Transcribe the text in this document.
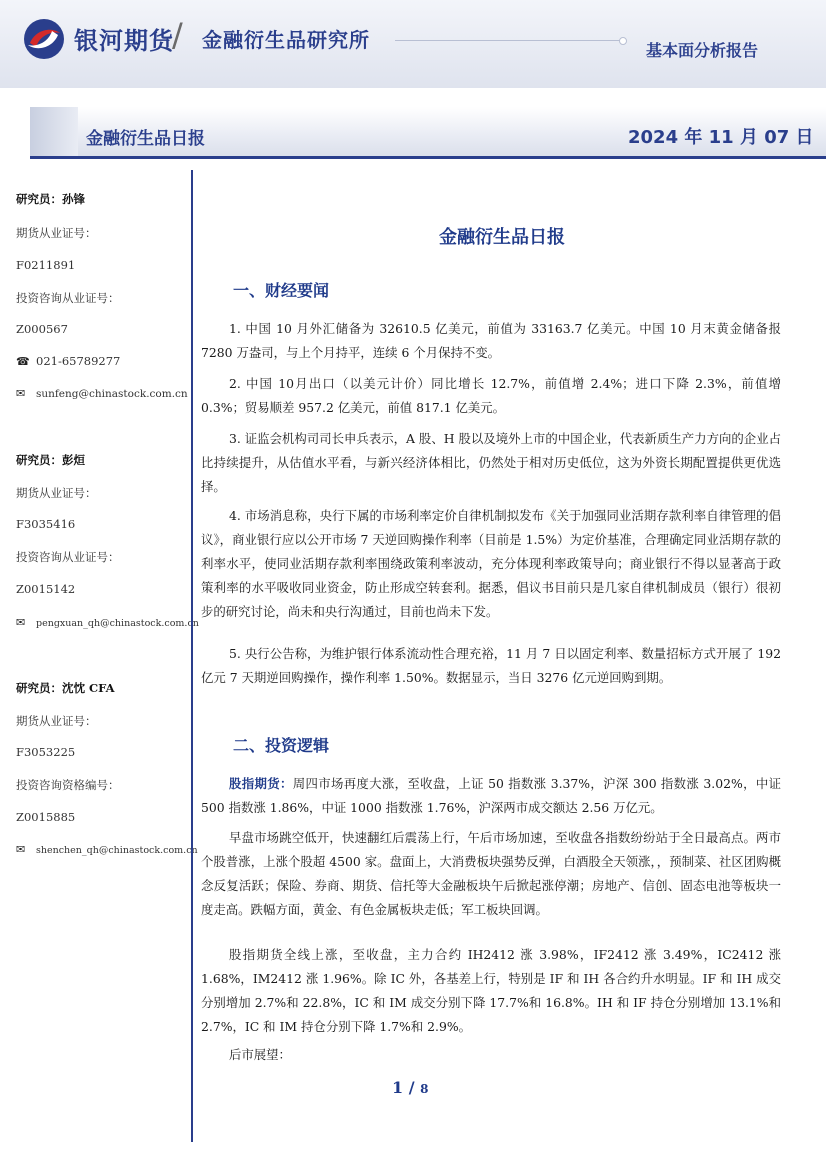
银河期货
/ 金融衍生品研究所	基本面分析报告
金融衍生品日报	2024 年 11 月 07 日
研究员：孙锋
期货从业证号：
F0211891
投资咨询从业证号：
Z000567
☎ 021-65789277
✉ sunfeng@chinastock.com.cn
研究员：彭烜
期货从业证号：
F3035416
投资咨询从业证号：
Z0015142
✉ pengxuan_qh@chinastock.com.cn
研究员：沈忱 CFA
期货从业证号：
F3053225
投资咨询资格编号：
Z0015885
✉ shenchen_qh@chinastock.com.cn
金融衍生品日报
一、财经要闻
1. 中国 10 月外汇储备为 32610.5 亿美元，前值为 33163.7 亿美元。中国 10 月末黄金储备报 7280 万盎司，与上个月持平，连续 6 个月保持不变。
2. 中国 10月出口（以美元计价）同比增长 12.7%，前值增 2.4%；进口下降 2.3%，前值增 0.3%；贸易顺差 957.2 亿美元，前值 817.1 亿美元。
3. 证监会机构司司长申兵表示，A 股、H 股以及境外上市的中国企业，代表新质生产力方向的企业占比持续提升，从估值水平看，与新兴经济体相比，仍然处于相对历史低位，这为外资长期配置提供更优选择。
4. 市场消息称，央行下属的市场利率定价自律机制拟发布《关于加强同业活期存款利率自律管理的倡议》，商业银行应以公开市场 7 天逆回购操作利率（目前是 1.5%）为定价基准，合理确定同业活期存款的利率水平，使同业活期存款利率围绕政策利率波动，充分体现利率政策导向；商业银行不得以显著高于政策利率的水平吸收同业资金，防止形成空转套利。据悉，倡议书目前只是几家自律机制成员（银行）很初步的研究讨论，尚未和央行沟通过，目前也尚未下发。
5. 央行公告称，为维护银行体系流动性合理充裕，11 月 7 日以固定利率、数量招标方式开展了 192 亿元 7 天期逆回购操作，操作利率 1.50%。数据显示，当日 3276 亿元逆回购到期。
二、投资逻辑
股指期货：周四市场再度大涨，至收盘，上证 50 指数涨 3.37%，沪深 300 指数涨 3.02%，中证 500 指数涨 1.86%，中证 1000 指数涨 1.76%，沪深两市成交额达 2.56 万亿元。
早盘市场跳空低开，快速翻红后震荡上行，午后市场加速，至收盘各指数纷纷站于全日最高点。两市个股普涨，上涨个股超 4500 家。盘面上，大消费板块强势反弹，白酒股全天领涨，，预制菜、社区团购概念反复活跃；保险、券商、期货、信托等大金融板块午后掀起涨停潮；房地产、信创、固态电池等板块一度走高。跌幅方面，黄金、有色金属板块走低；军工板块回调。
股指期货全线上涨，至收盘，主力合约 IH2412 涨 3.98%，IF2412 涨 3.49%，IC2412 涨 1.68%，IM2412 涨 1.96%。除 IC 外，各基差上行，特别是 IF 和 IH 各合约升水明显。IF 和 IH 成交分别增加 2.7%和 22.8%，IC 和 IM 成交分别下降 17.7%和 16.8%。IH 和 IF 持仓分别增加 13.1%和 2.7%，IC 和 IM 持仓分别下降 1.7%和 2.9%。
后市展望：
1 / 8
